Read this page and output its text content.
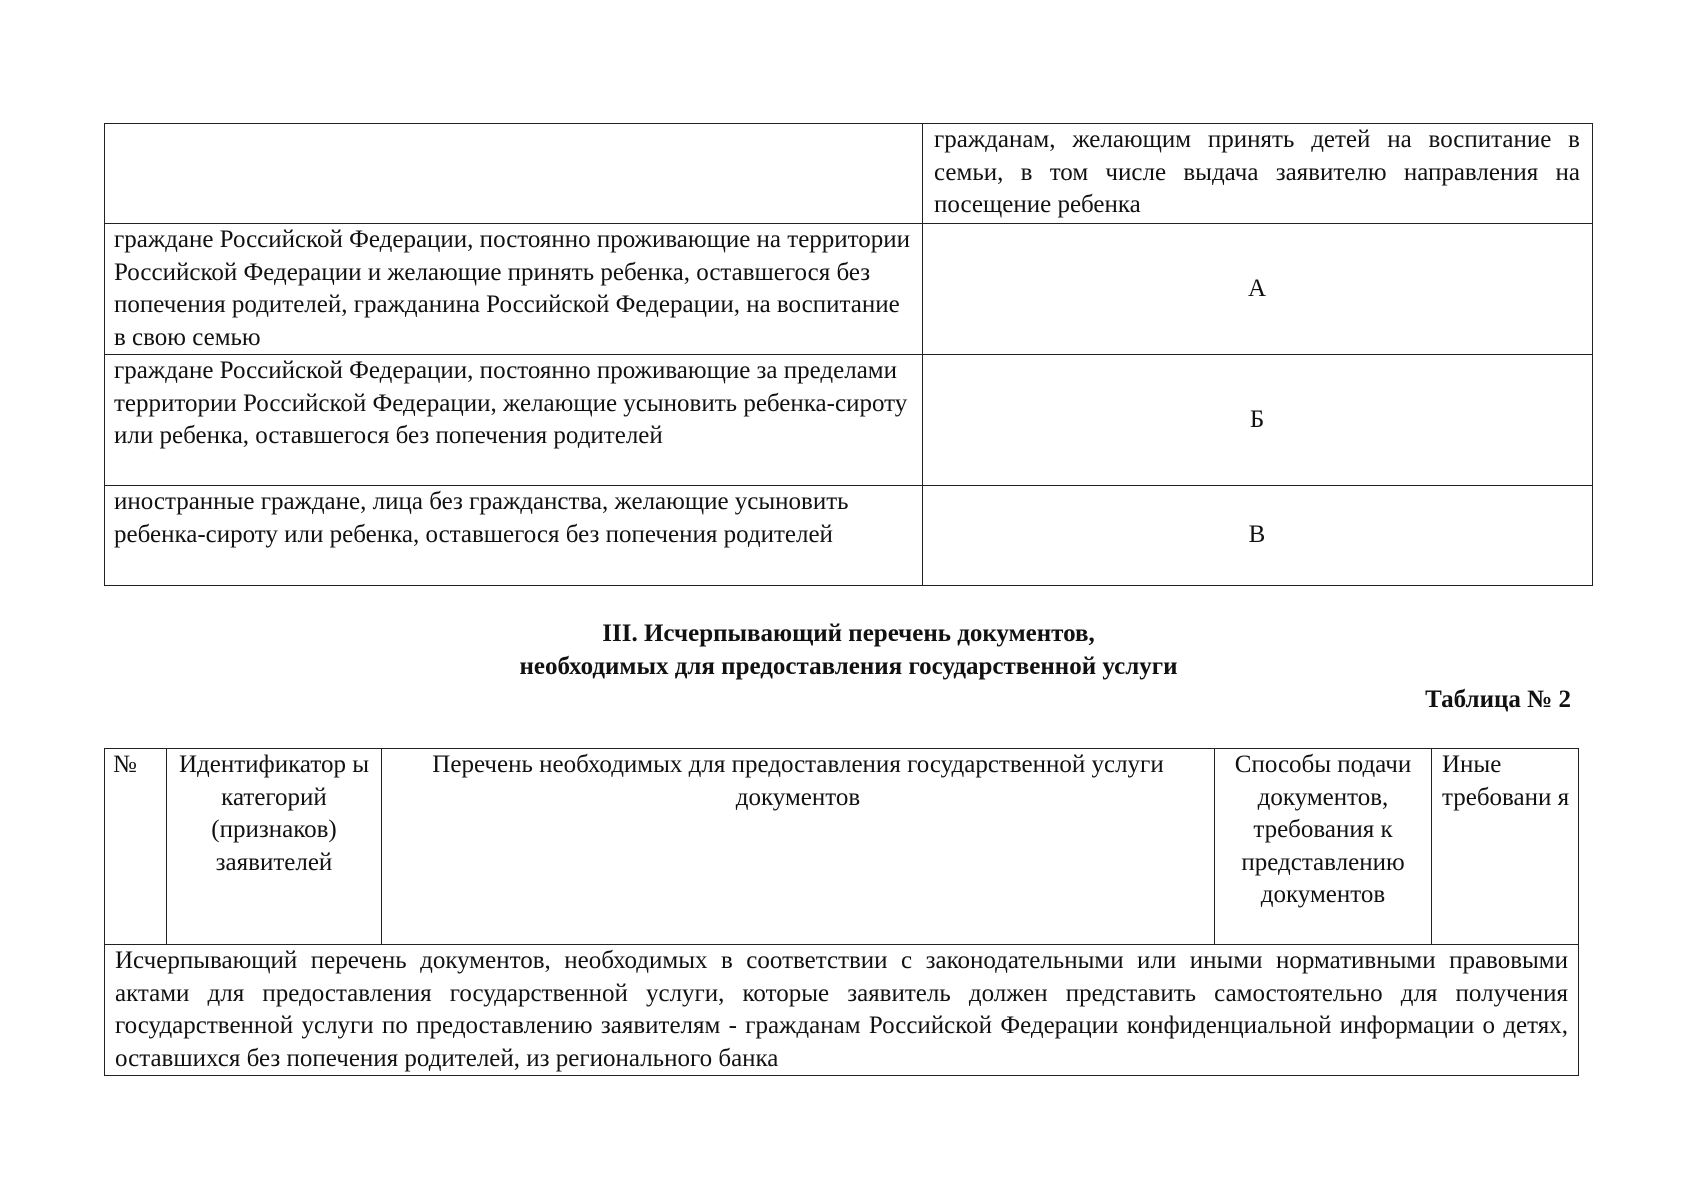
	гражданам, желающим принять детей на воспитание в семьи, в том числе выдача заявителю направления на посещение ребенка
граждане Российской Федерации, постоянно проживающие на территории Российской Федерации и желающие принять ребенка, оставшегося без попечения родителей, гражданина Российской Федерации, на воспитание в свою семью	А
граждане Российской Федерации, постоянно проживающие за пределами территории Российской Федерации, желающие усыновить ребенка-сироту или ребенка, оставшегося без попечения родителей	Б
иностранные граждане, лица без гражданства, желающие усыновить ребенка-сироту или ребенка, оставшегося без попечения родителей	В
III. Исчерпывающий перечень документов,
необходимых для предоставления государственной услуги
Таблица № 2
№	Идентификатор ы категорий (признаков) заявителей	Перечень необходимых для предоставления государственной услуги документов	Способы подачи документов, требования к представлению документов	Иные требовани я
Исчерпывающий перечень документов, необходимых в соответствии с законодательными или иными нормативными правовыми актами для предоставления государственной услуги, которые заявитель должен представить самостоятельно для получения государственной услуги по предоставлению заявителям - гражданам Российской Федерации конфиденциальной информации о детях, оставшихся без попечения родителей, из регионального банка
